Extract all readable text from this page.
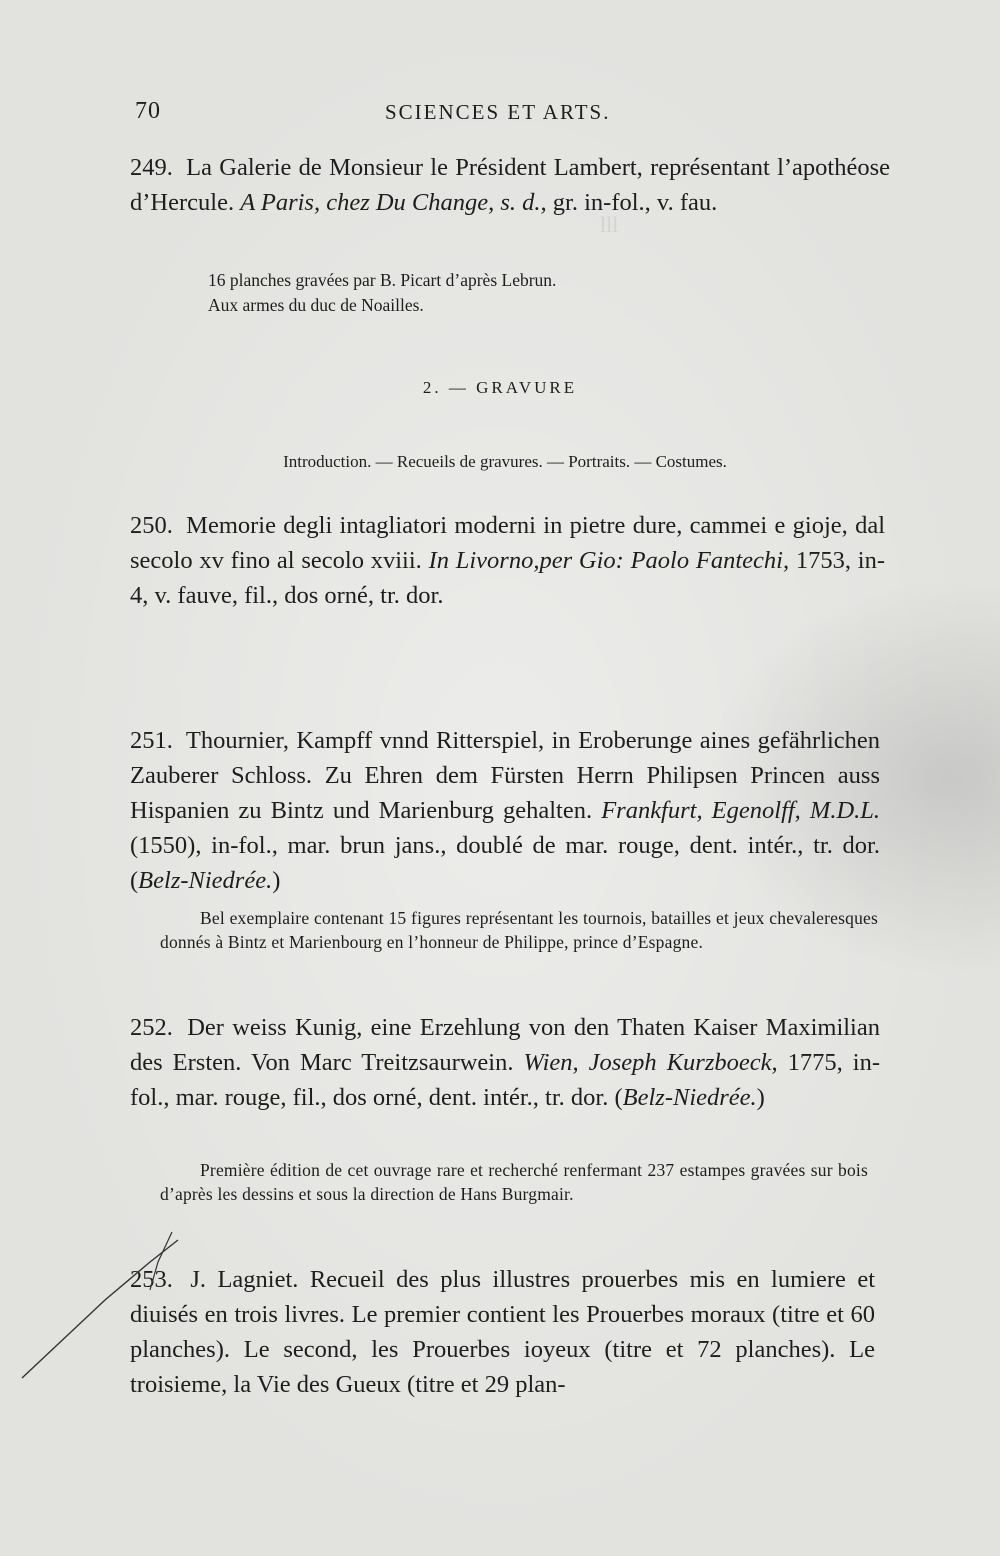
lll
70	SCIENCES ET ARTS.
249. La Galerie de Monsieur le Président Lambert, représentant l’apothéose d’Hercule. A Paris, chez Du Change, s. d., gr. in-fol., v. fau.
16 planches gravées par B. Picart d’après Lebrun.
Aux armes du duc de Noailles.
2. — GRAVURE
Introduction. — Recueils de gravures. — Portraits. — Costumes.
250. Memorie degli intagliatori moderni in pietre dure, cammei e gioje, dal secolo xv fino al secolo xviii. In Livorno,per Gio: Paolo Fantechi, 1753, in-4, v. fauve, fil., dos orné, tr. dor.
251. Thournier, Kampff vnnd Ritterspiel, in Eroberunge aines gefährlichen Zauberer Schloss. Zu Ehren dem Fürsten Herrn Philipsen Princen auss Hispanien zu Bintz und Marienburg gehalten. Frankfurt, Egenolff, M.D.L. (1550), in-fol., mar. brun jans., doublé de mar. rouge, dent. intér., tr. dor. (Belz-Niedrée.)
Bel exemplaire contenant 15 figures représentant les tournois, batailles et jeux chevaleresques donnés à Bintz et Marienbourg en l’honneur de Philippe, prince d’Espagne.
252. Der weiss Kunig, eine Erzehlung von den Thaten Kaiser Maximilian des Ersten. Von Marc Treitzsaurwein. Wien, Joseph Kurzboeck, 1775, in-fol., mar. rouge, fil., dos orné, dent. intér., tr. dor. (Belz-Niedrée.)
Première édition de cet ouvrage rare et recherché renfermant 237 estampes gravées sur bois d’après les dessins et sous la direction de Hans Burgmair.
253. J. Lagniet. Recueil des plus illustres prouerbes mis en lumiere et diuisés en trois livres. Le premier contient les Prouerbes moraux (titre et 60 planches). Le second, les Prouerbes ioyeux (titre et 72 planches). Le troisieme, la Vie des Gueux (titre et 29 plan-
